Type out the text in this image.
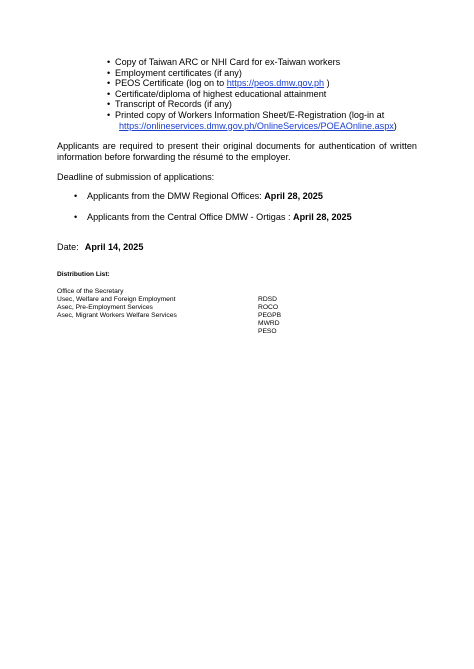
• Copy of Taiwan ARC or NHI Card for ex-Taiwan workers
• Employment certificates (if any)
• PEOS Certificate (log on to https://peos.dmw.gov.ph )
• Certificate/diploma of highest educational attainment
• Transcript of Records (if any)
• Printed copy of Workers Information Sheet/E-Registration (log-in at
https://onlineservices.dmw.gov.ph/OnlineServices/POEAOnline.aspx)

Applicants are required to present their original documents for authentication of written information before forwarding the résumé to the employer.

Deadline of submission of applications:

• Applicants from the DMW Regional Offices: April 28, 2025
• Applicants from the Central Office DMW - Ortigas : April 28, 2025

Date: April 14, 2025

Distribution List:

Office of the Secretary
Usec, Welfare and Foreign Employment
Asec, Pre-Employment Services
Asec, Migrant Workers Welfare Services
RDSD
ROCO
PEGPB
MWRD
PESO
